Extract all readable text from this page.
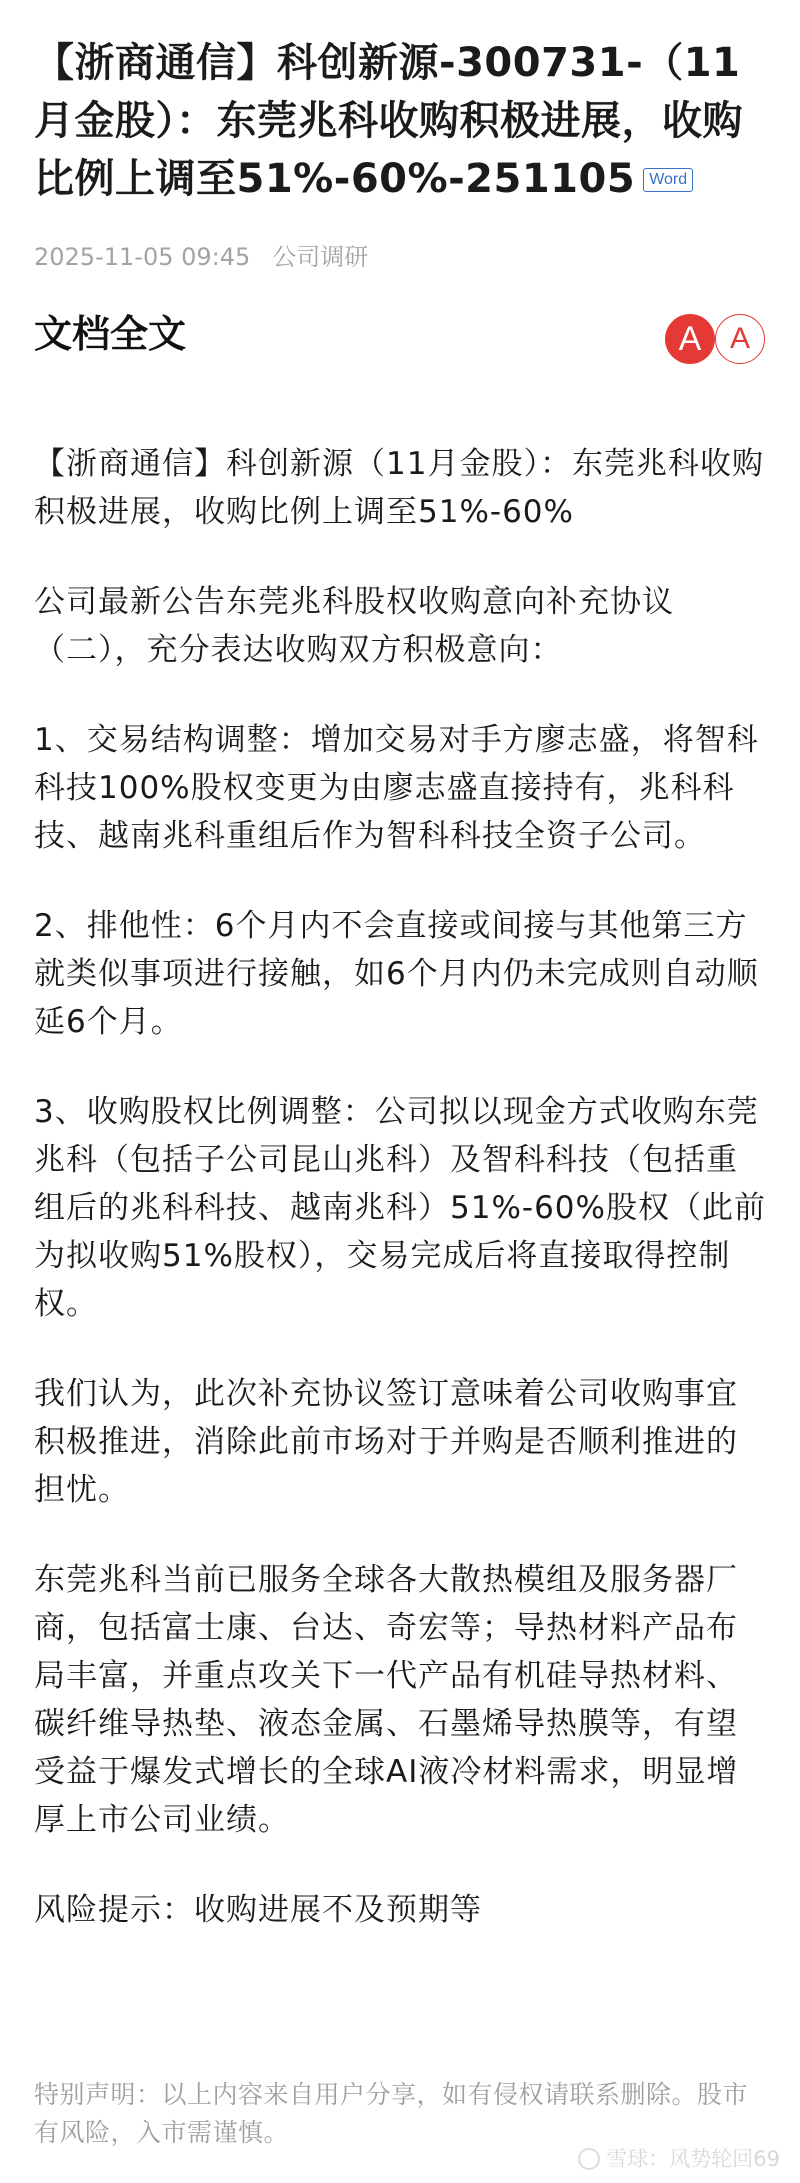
【浙商通信】科创新源-300731-（11月金股）：东莞兆科收购积极进展，收购比例上调至51%-60%-251105 Word
2025-11-05 09:45 公司调研
文档全文	A A

【浙商通信】科创新源（11月金股）：东莞兆科收购积极进展，收购比例上调至51%-60%

公司最新公告东莞兆科股权收购意向补充协议（二），充分表达收购双方积极意向：

1、交易结构调整：增加交易对手方廖志盛，将智科科技100%股权变更为由廖志盛直接持有，兆科科技、越南兆科重组后作为智科科技全资子公司。

2、排他性：6个月内不会直接或间接与其他第三方就类似事项进行接触，如6个月内仍未完成则自动顺延6个月。

3、收购股权比例调整：公司拟以现金方式收购东莞兆科（包括子公司昆山兆科）及智科科技（包括重组后的兆科科技、越南兆科）51%-60%股权（此前为拟收购51%股权），交易完成后将直接取得控制权。

我们认为，此次补充协议签订意味着公司收购事宜积极推进，消除此前市场对于并购是否顺利推进的担忧。

东莞兆科当前已服务全球各大散热模组及服务器厂商，包括富士康、台达、奇宏等；导热材料产品布局丰富，并重点攻关下一代产品有机硅导热材料、碳纤维导热垫、液态金属、石墨烯导热膜等，有望受益于爆发式增长的全球AI液冷材料需求，明显增厚上市公司业绩。

风险提示：收购进展不及预期等

特别声明：以上内容来自用户分享，如有侵权请联系删除。股市有风险，入市需谨慎。
雪球：风势轮回69
